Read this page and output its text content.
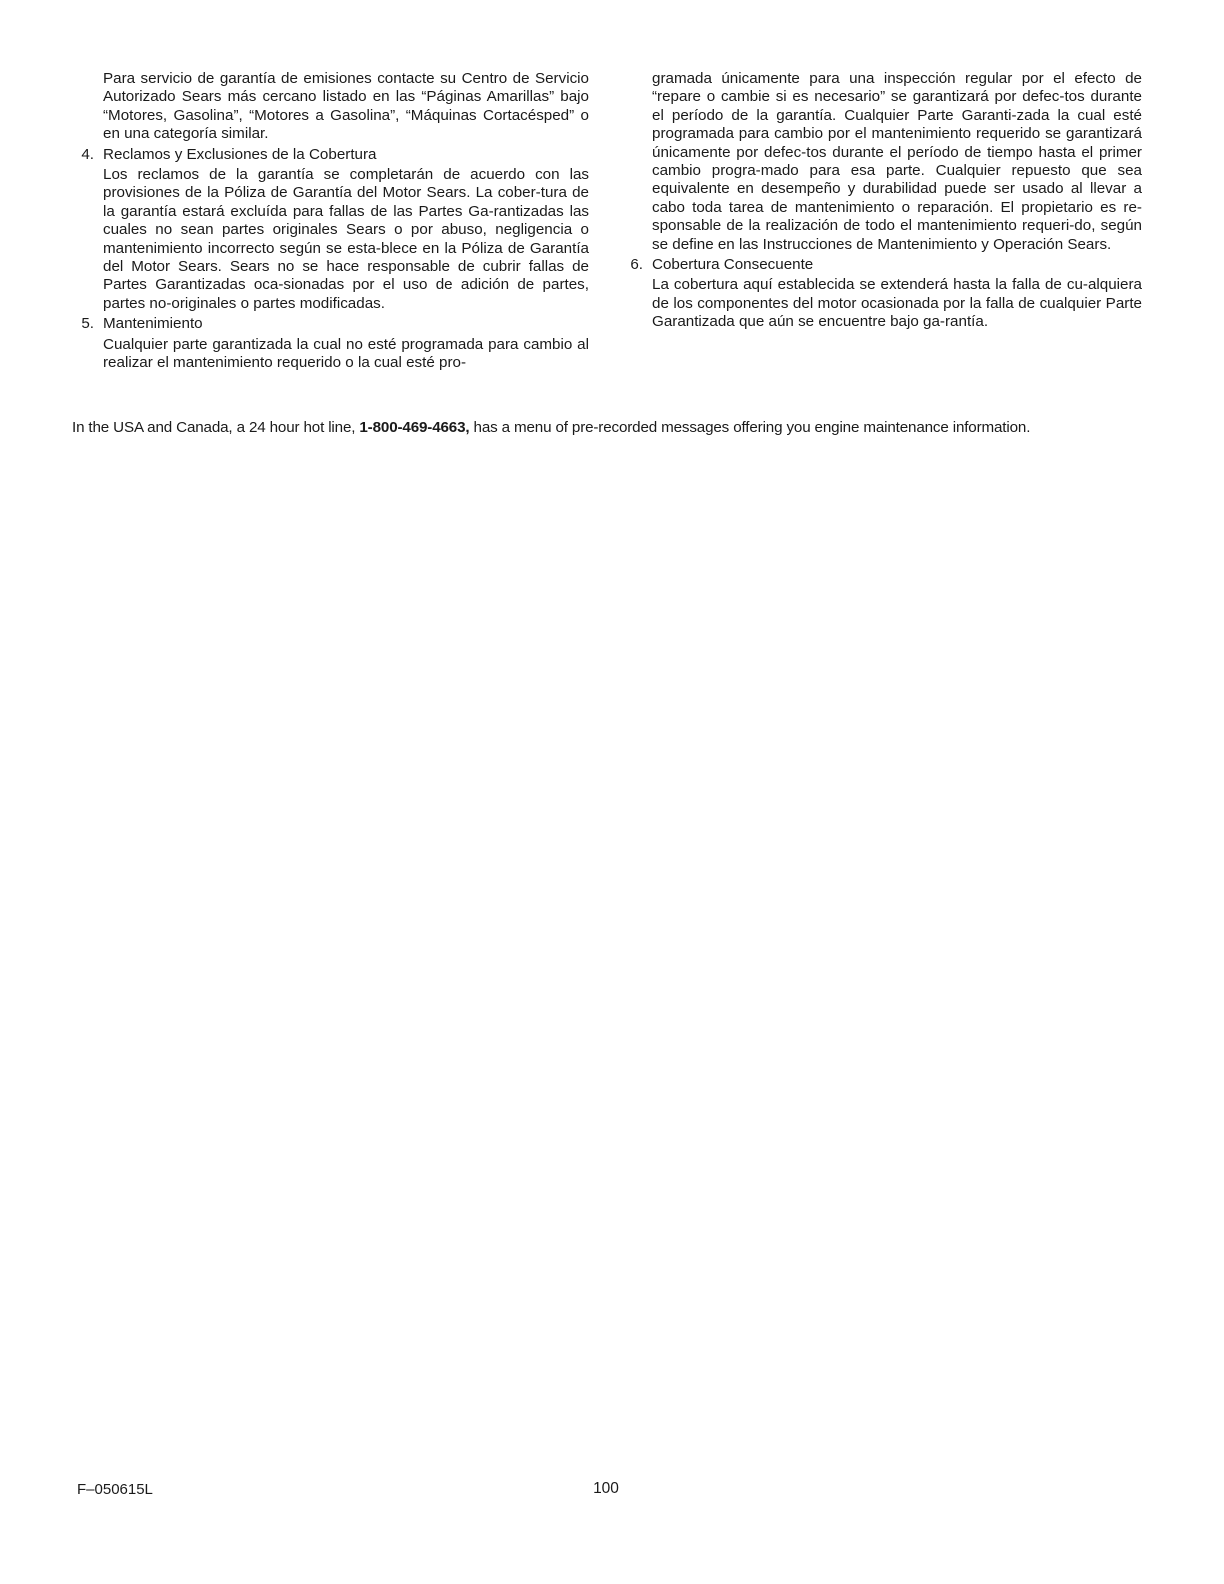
Para servicio de garantía de emisiones contacte su Centro de Servicio Autorizado Sears más cercano listado en las “Páginas Amarillas” bajo “Motores, Gasolina”, “Motores a Gasolina”, “Máquinas Cortacésped” o en una categoría similar.

4. Reclamos y Exclusiones de la Cobertura

Los reclamos de la garantía se completarán de acuerdo con las provisiones de la Póliza de Garantía del Motor Sears. La cober-tura de la garantía estará excluída para fallas de las Partes Ga-rantizadas las cuales no sean partes originales Sears o por abuso, negligencia o mantenimiento incorrecto según se esta-blece en la Póliza de Garantía del Motor Sears. Sears no se hace responsable de cubrir fallas de Partes Garantizadas oca-sionadas por el uso de adición de partes, partes no-originales o partes modificadas.

5. Mantenimiento

Cualquier parte garantizada la cual no esté programada para cambio al realizar el mantenimiento requerido o la cual esté pro-

gramada únicamente para una inspección regular por el efecto de “repare o cambie si es necesario” se garantizará por defec-tos durante el período de la garantía. Cualquier Parte Garanti-zada la cual esté programada para cambio por el mantenimiento requerido se garantizará únicamente por defec-tos durante el período de tiempo hasta el primer cambio progra-mado para esa parte. Cualquier repuesto que sea equivalente en desempeño y durabilidad puede ser usado al llevar a cabo toda tarea de mantenimiento o reparación. El propietario es re-sponsable de la realización de todo el mantenimiento requeri-do, según se define en las Instrucciones de Mantenimiento y Operación Sears.

6. Cobertura Consecuente

La cobertura aquí establecida se extenderá hasta la falla de cu-alquiera de los componentes del motor ocasionada por la falla de cualquier Parte Garantizada que aún se encuentre bajo ga-rantía.

In the USA and Canada, a 24 hour hot line, 1-800-469-4663, has a menu of pre-recorded messages offering you engine maintenance information.
F–050615L	100
